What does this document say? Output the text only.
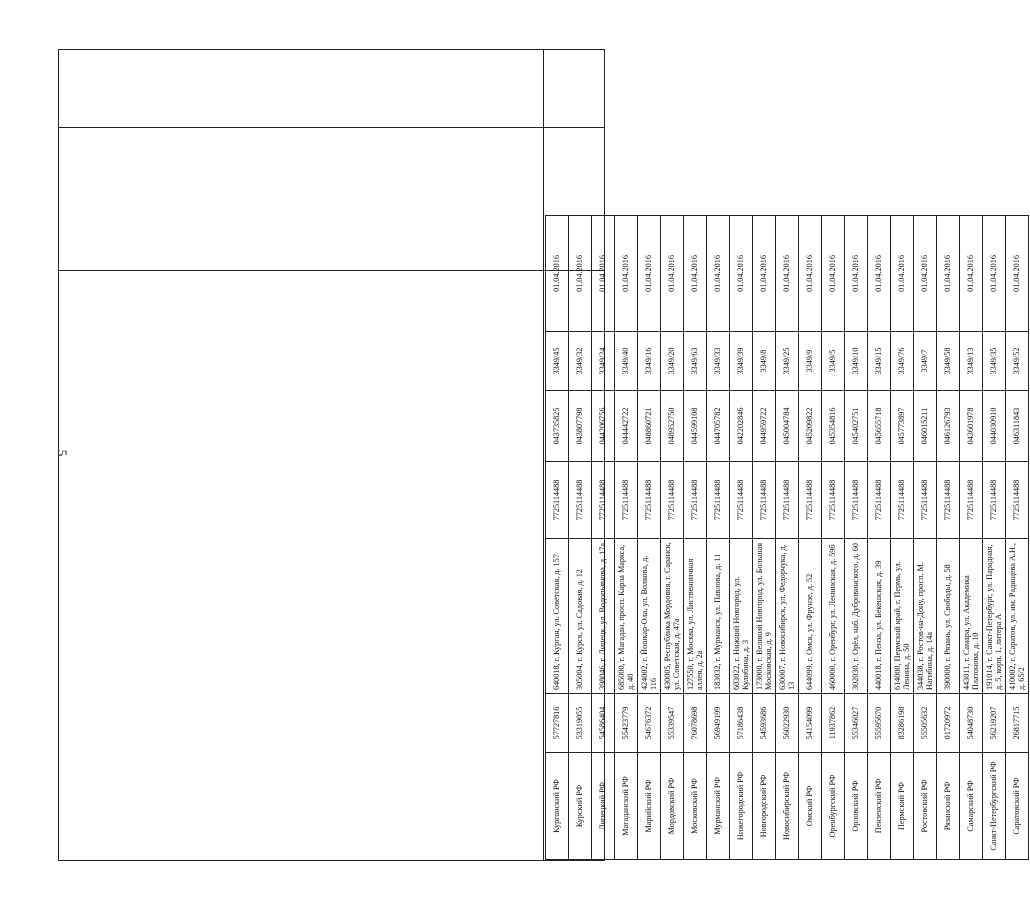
5
Курганский РФ	57727816	640018, г. Курган, ул. Советская, д. 157	7725114488	043735825	3349/45	01.04.2016
Курский РФ	53319055	305004, г. Курск, ул. Садовая, д. 12	7725114488	043807798	3349/32	01.04.2016
Липецкий РФ	54586404	398046, г. Липецк, ул. Водопьянова, д. 17а	7725114488	044206756	3349/24	01.04.2016
Магаданский РФ	55423779	685000, г. Магадан, просп. Карла Маркса, д. 40	7725114488	044442722	3349/40	01.04.2016
Марийский РФ	54676372	424002, г. Йошкар-Ола, ул. Волкова, д. 116	7725114488	048860721	3349/16	01.04.2016
Мордовский РФ	55339547	430005, Республика Мордовия, г. Саранск, ул. Советская, д. 47а	7725114488	048952750	3349/20	01.04.2016
Московский РФ	76078698	127550, г. Москва, ул. Лиственничная аллея, д. 2а	7725114488	044599108	3349/63	01.04.2016
Мурманский РФ	56949199	183032, г. Мурманск, ул. Павлова, д. 11	7725114488	044705782	3349/33	01.04.2016
Нижегородский РФ	57186438	603022, г. Нижний Новгород, ул. Кулибина, д. 3	7725114488	042202846	3349/39	01.04.2016
Новгородский РФ	54593686	173000, г. Великий Новгород, ул. Большая Московская, д. 9	7725114488	044959722	3349/8	01.04.2016
Новосибирский РФ	56022930	630007, г. Новосибирск, ул. Федорчука, д. 13	7725114488	045004784	3349/25	01.04.2016
Омский РФ	54154099	644099, г. Омск, ул. Фрунзе, д. 52	7725114488	045209822	3349/9	01.04.2016
Оренбургский РФ	11937862	460000, г. Оренбург, ул. Ленинская, д. 59б	7725114488	045354816	3349/5	01.04.2016
Орловский РФ	55346027	302030, г. Орёл, наб. Дубровинского, д. 60	7725114488	045402751	3349/10	01.04.2016
Пензенский РФ	55595670	440018, г. Пенза, ул. Бекешская, д. 39	7725114488	045655718	3349/15	01.04.2016
Пермский РФ	83286198	614000, Пермский край, г. Пермь, ул. Ленина, д. 50	7725114488	045773897	3349/76	01.04.2016
Ростовский РФ	55505632	344038, г. Ростов-на-Дону, просп. М. Нагибина, д. 14а	7725114488	046015211	3349/7	01.04.2016
Рязанский РФ	01720972	390000, г. Рязань, ул. Свободы, д. 58	7725114488	046126793	3349/58	01.04.2016
Самарский РФ	54048730	443011, г. Самара, ул. Академика Платонова, д. 10	7725114488	043601978	3349/13	01.04.2016
Санкт-Петербургский РФ	56219207	191014, г. Санкт-Петербург, ул. Парадная, д. 5, корп. 1, литера А	7725114488	044030910	3349/35	01.04.2016
Саратовский РФ	26817715	410002, г. Саратов, ул. им. Радищева А.Н., д. 65/2	7725114488	046311843	3349/52	01.04.2016
